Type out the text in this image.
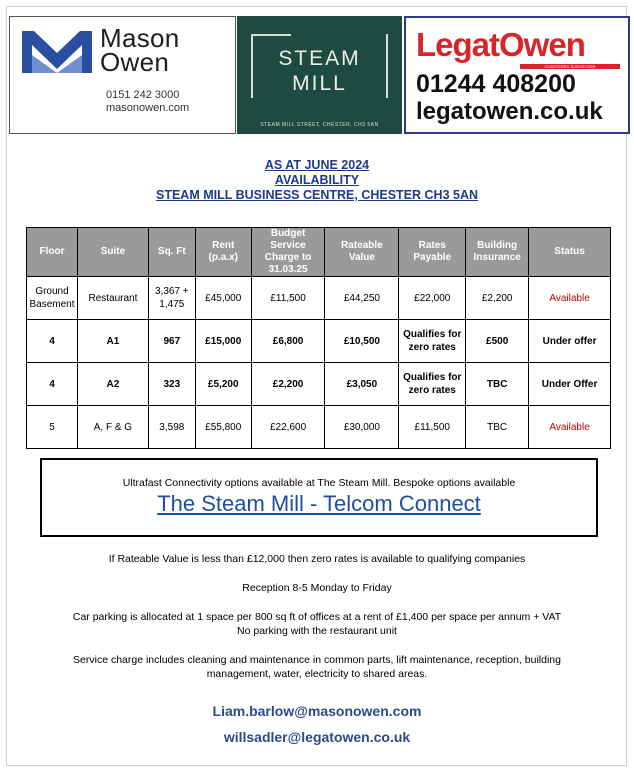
Mason
Owen
0151 242 3000
masonowen.com
STEAM
MILL
STEAM MILL STREET, CHESTER, CH3 5AN
LegatOwen
CHARTERED SURVEYORS
01244 408200
legatowen.co.uk
AS AT JUNE 2024
AVAILABILITY
STEAM MILL BUSINESS CENTRE, CHESTER CH3 5AN
Floor	Suite	Sq. Ft	Rent (p.a.x)	Budget Service Charge to 31.03.25	Rateable Value	Rates Payable	Building Insurance	Status
Ground Basement	Restaurant	3,367 + 1,475	£45,000	£11,500	£44,250	£22,000	£2,200	Available
4	A1	967	£15,000	£6,800	£10,500	Qualifies for zero rates	£500	Under offer
4	A2	323	£5,200	£2,200	£3,050	Qualifies for zero rates	TBC	Under Offer
5	A, F & G	3,598	£55,800	£22,600	£30,000	£11,500	TBC	Available
Ultrafast Connectivity options available at The Steam Mill. Bespoke options available
The Steam Mill - Telcom Connect
If Rateable Value is less than £12,000 then zero rates is available to qualifying companies
Reception 8-5 Monday to Friday
Car parking is allocated at 1 space per 800 sq ft of offices at a rent of £1,400 per space per annum + VAT
No parking with the restaurant unit
Service charge includes cleaning and maintenance in common parts, lift maintenance, reception, building
management, water, electricity to shared areas.
Liam.barlow@masonowen.com
willsadler@legatowen.co.uk
